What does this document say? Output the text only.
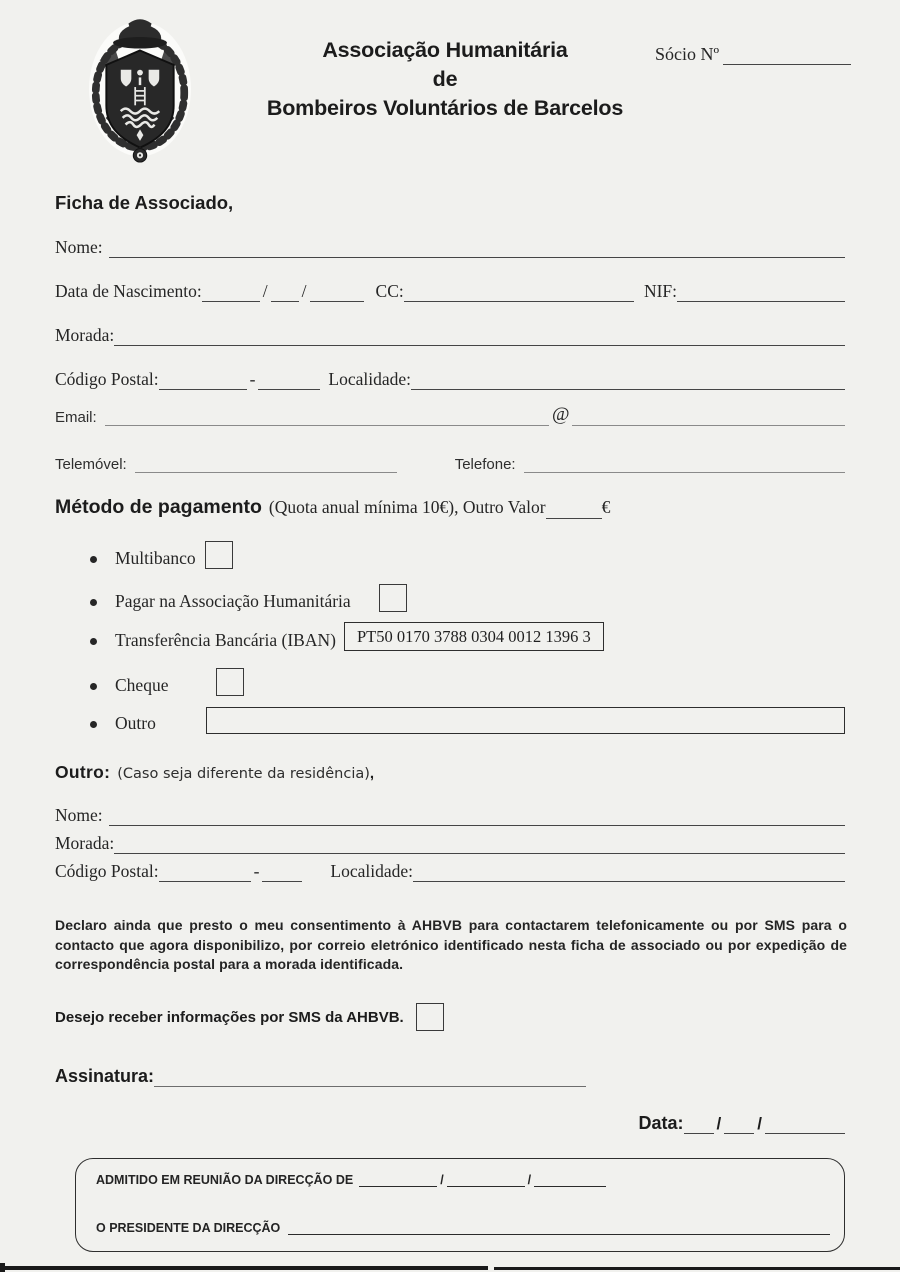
Associação Humanitária
de
Bombeiros Voluntários de Barcelos
Sócio Nº
Ficha de Associado,
Nome:
Data de Nascimento:	/ /	CC:	NIF:
Morada:
Código Postal:	-	Localidade:
Email:	@
Telemóvel:	Telefone:
Método de pagamento (Quota anual mínima 10€), Outro Valor	€
Multibanco
Pagar na Associação Humanitária
Transferência Bancária (IBAN)	PT50 0170 3788 0304 0012 1396 3
Cheque
Outro
Outro: (Caso seja diferente da residência) ,
Nome:
Morada:
Código Postal:	-	Localidade:
Declaro ainda que presto o meu consentimento à AHBVB para contactarem telefonicamente ou por SMS para o contacto que agora disponibilizo, por correio eletrónico identificado nesta ficha de associado ou por expedição de correspondência postal para a morada identificada.
Desejo receber informações por SMS da AHBVB.
Assinatura:
Data: / /
ADMITIDO EM REUNIÃO DA DIRECÇÃO DE	/	/
O PRESIDENTE DA DIRECÇÃO
